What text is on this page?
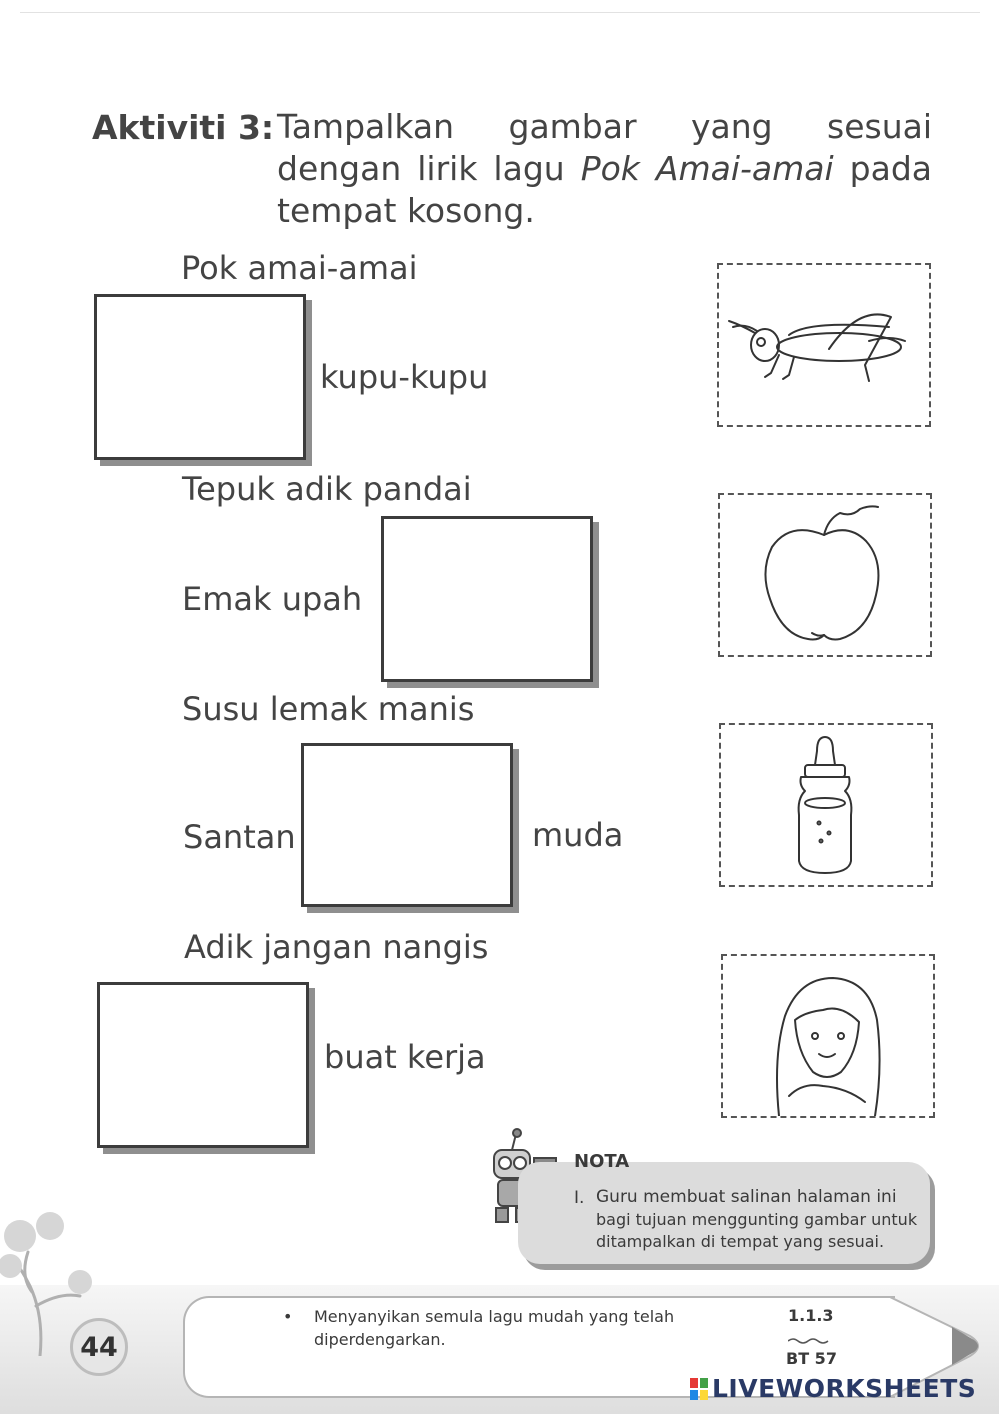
Aktiviti 3: Tampalkan gambar yang sesuai dengan lirik lagu Pok Amai-amai pada tempat kosong.
Pok amai-amai
kupu-kupu
Tepuk adik pandai
Emak upah
Susu lemak manis
Santan	muda
Adik jangan nangis
buat kerja
NOTA
I. Guru membuat salinan halaman ini
bagi tujuan menggunting gambar untuk
ditampalkan di tempat yang sesuai.
• Menyanyikan semula lagu mudah yang telah
diperdengarkan.
1.1.3
BT 57
44
LIVEWORKSHEETS
